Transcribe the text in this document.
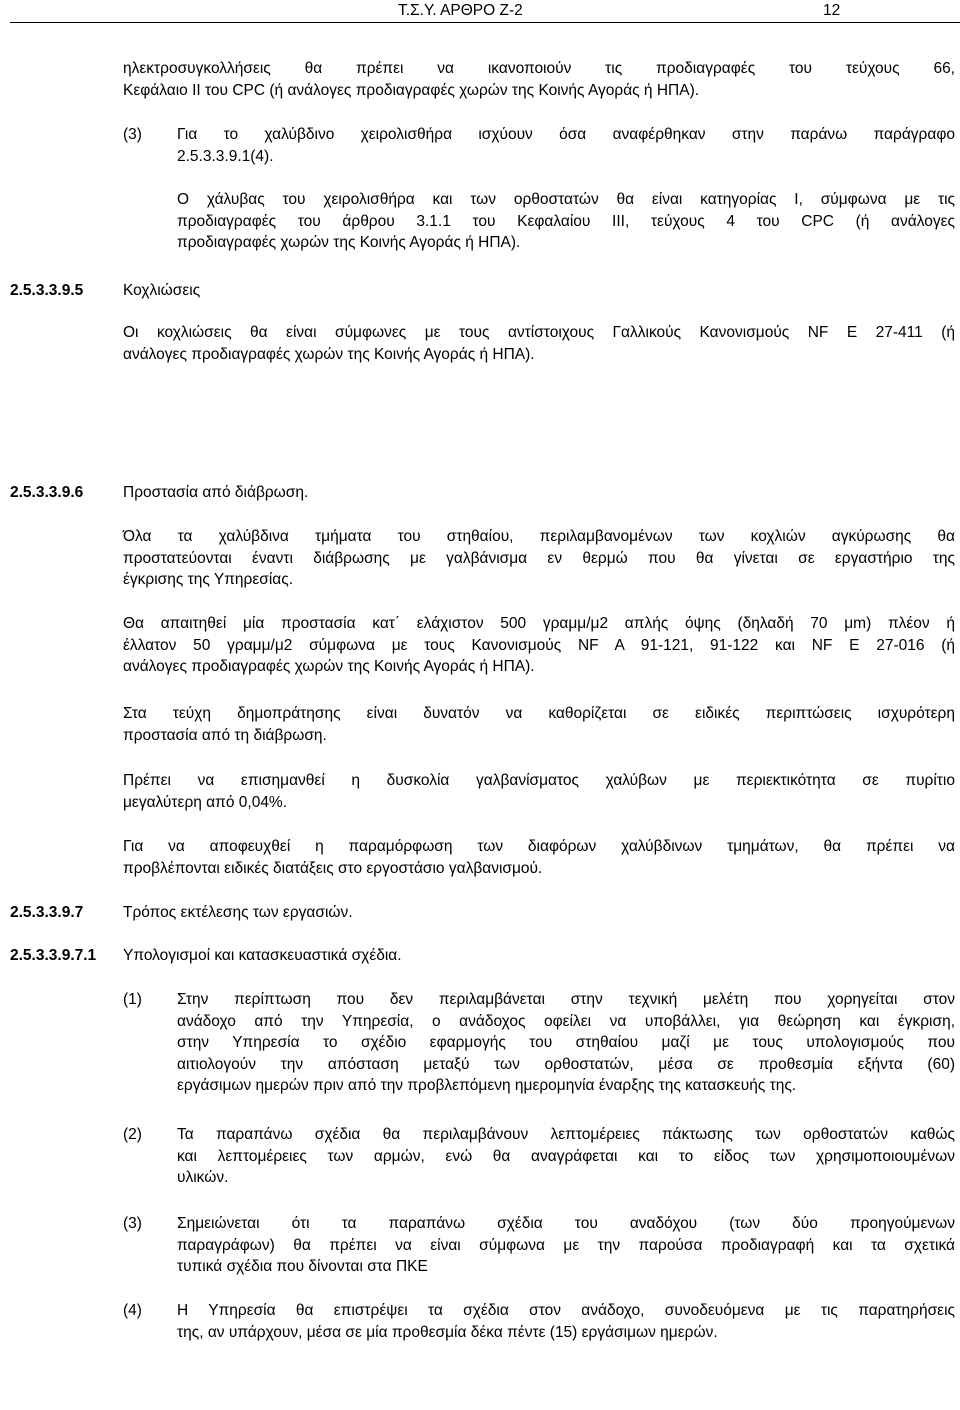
Τ.Σ.Υ. ΑΡΘΡΟ Ζ-2	12
ηλεκτροσυγκολλήσεις θα πρέπει να ικανοποιούν τις προδιαγραφές του τεύχους 66,
Κεφάλαιο ΙΙ του CPC (ή ανάλογες προδιαγραφές χωρών της Κοινής Αγοράς ή ΗΠΑ).
(3) Για το χαλύβδινο χειρολισθήρα ισχύουν όσα αναφέρθηκαν στην παράνω παράγραφο
2.5.3.3.9.1(4).
Ο χάλυβας του χειρολισθήρα και των ορθοστατών θα είναι κατηγορίας Ι, σύμφωνα με τις
προδιαγραφές του άρθρου 3.1.1 του Κεφαλαίου ΙΙΙ, τεύχους 4 του CPC (ή ανάλογες
προδιαγραφές χωρών της Κοινής Αγοράς ή ΗΠΑ).
2.5.3.3.9.5	Κοχλιώσεις
Οι κοχλιώσεις θα είναι σύμφωνες με τους αντίστοιχους Γαλλικούς Κανονισμούς NF E 27-411 (ή
ανάλογες προδιαγραφές χωρών της Κοινής Αγοράς ή ΗΠΑ).
2.5.3.3.9.6	Προστασία από διάβρωση.
Όλα τα χαλύβδινα τμήματα του στηθαίου, περιλαμβανομένων των κοχλιών αγκύρωσης θα
προστατεύονται έναντι διάβρωσης με γαλβάνισμα εν θερμώ που θα γίνεται σε εργαστήριο της
έγκρισης της Υπηρεσίας.
Θα απαιτηθεί μία προστασία κατ΄ ελάχιστον 500 γραμμ/μ2 απλής όψης (δηλαδή 70 μm) πλέον ή
έλλατον 50 γραμμ/μ2 σύμφωνα με τους Κανονισμούς NF A 91-121, 91-122 και NF E 27-016 (ή
ανάλογες προδιαγραφές χωρών της Κοινής Αγοράς ή ΗΠΑ).
Στα τεύχη δημοπράτησης είναι δυνατόν να καθορίζεται σε ειδικές περιπτώσεις ισχυρότερη
προστασία από τη διάβρωση.
Πρέπει να επισημανθεί η δυσκολία γαλβανίσματος χαλύβων με περιεκτικότητα σε πυρίτιο
μεγαλύτερη από 0,04%.
Για να αποφευχθεί η παραμόρφωση των διαφόρων χαλύβδινων τμημάτων, θα πρέπει να
προβλέπονται ειδικές διατάξεις στο εργοστάσιο γαλβανισμού.
2.5.3.3.9.7	Τρόπος εκτέλεσης των εργασιών.
2.5.3.3.9.7.1 Υπολογισμοί και κατασκευαστικά σχέδια.
(1) Στην περίπτωση που δεν περιλαμβάνεται στην τεχνική μελέτη που χορηγείται στον
ανάδοχο από την Υπηρεσία, ο ανάδοχος οφείλει να υποβάλλει, για θεώρηση και έγκριση,
στην Υπηρεσία το σχέδιο εφαρμογής του στηθαίου μαζί με τους υπολογισμούς που
αιτιολογούν την απόσταση μεταξύ των ορθοστατών, μέσα σε προθεσμία εξήντα (60)
εργάσιμων ημερών πριν από την προβλεπόμενη ημερομηνία έναρξης της κατασκευής της.
(2) Τα παραπάνω σχέδια θα περιλαμβάνουν λεπτομέρειες πάκτωσης των ορθοστατών καθώς
και λεπτομέρειες των αρμών, ενώ θα αναγράφεται και το είδος των χρησιμοποιουμένων
υλικών.
(3) Σημειώνεται ότι τα παραπάνω σχέδια του αναδόχου (των δύο προηγούμενων
παραγράφων) θα πρέπει να είναι σύμφωνα με την παρούσα προδιαγραφή και τα σχετικά
τυπικά σχέδια που δίνονται στα ΠΚΕ
(4) Η Υπηρεσία θα επιστρέψει τα σχέδια στον ανάδοχο, συνοδευόμενα με τις παρατηρήσεις
της, αν υπάρχουν, μέσα σε μία προθεσμία δέκα πέντε (15) εργάσιμων ημερών.
